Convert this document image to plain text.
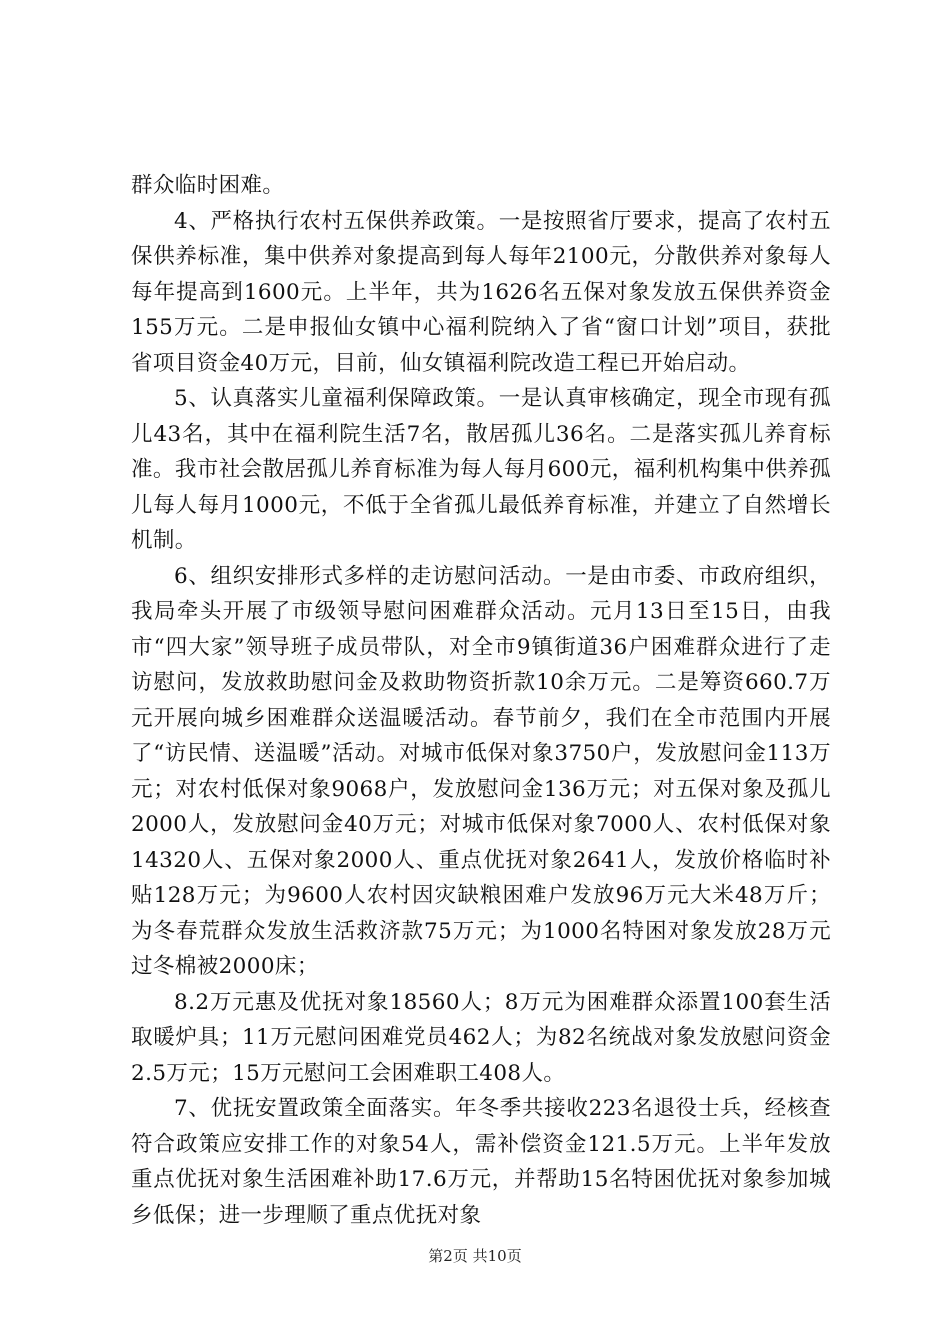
群众临时困难。

4、严格执行农村五保供养政策。一是按照省厅要求，提高了农村五保供养标准，集中供养对象提高到每人每年2100元，分散供养对象每人每年提高到1600元。上半年，共为1626名五保对象发放五保供养资金155万元。二是申报仙女镇中心福利院纳入了省“窗口计划”项目，获批省项目资金40万元，目前，仙女镇福利院改造工程已开始启动。

5、认真落实儿童福利保障政策。一是认真审核确定，现全市现有孤儿43名，其中在福利院生活7名，散居孤儿36名。二是落实孤儿养育标准。我市社会散居孤儿养育标准为每人每月600元，福利机构集中供养孤儿每人每月1000元，不低于全省孤儿最低养育标准，并建立了自然增长机制。

6、组织安排形式多样的走访慰问活动。一是由市委、市政府组织，我局牵头开展了市级领导慰问困难群众活动。元月13日至15日，由我市“四大家”领导班子成员带队，对全市9镇街道36户困难群众进行了走访慰问，发放救助慰问金及救助物资折款10余万元。二是筹资660.7万元开展向城乡困难群众送温暖活动。春节前夕，我们在全市范围内开展了“访民情、送温暖”活动。对城市低保对象3750户，发放慰问金113万元；对农村低保对象9068户，发放慰问金136万元；对五保对象及孤儿2000人，发放慰问金40万元；对城市低保对象7000人、农村低保对象14320人、五保对象2000人、重点优抚对象2641人，发放价格临时补贴128万元；为9600人农村因灾缺粮困难户发放96万元大米48万斤；为冬春荒群众发放生活救济款75万元；为1000名特困对象发放28万元过冬棉被2000床；

8.2万元惠及优抚对象18560人；8万元为困难群众添置100套生活取暖炉具；11万元慰问困难党员462人；为82名统战对象发放慰问资金2.5万元；15万元慰问工会困难职工408人。

7、优抚安置政策全面落实。年冬季共接收223名退役士兵，经核查符合政策应安排工作的对象54人，需补偿资金121.5万元。上半年发放重点优抚对象生活困难补助17.6万元，并帮助15名特困优抚对象参加城乡低保；进一步理顺了重点优抚对象

第2页 共10页
